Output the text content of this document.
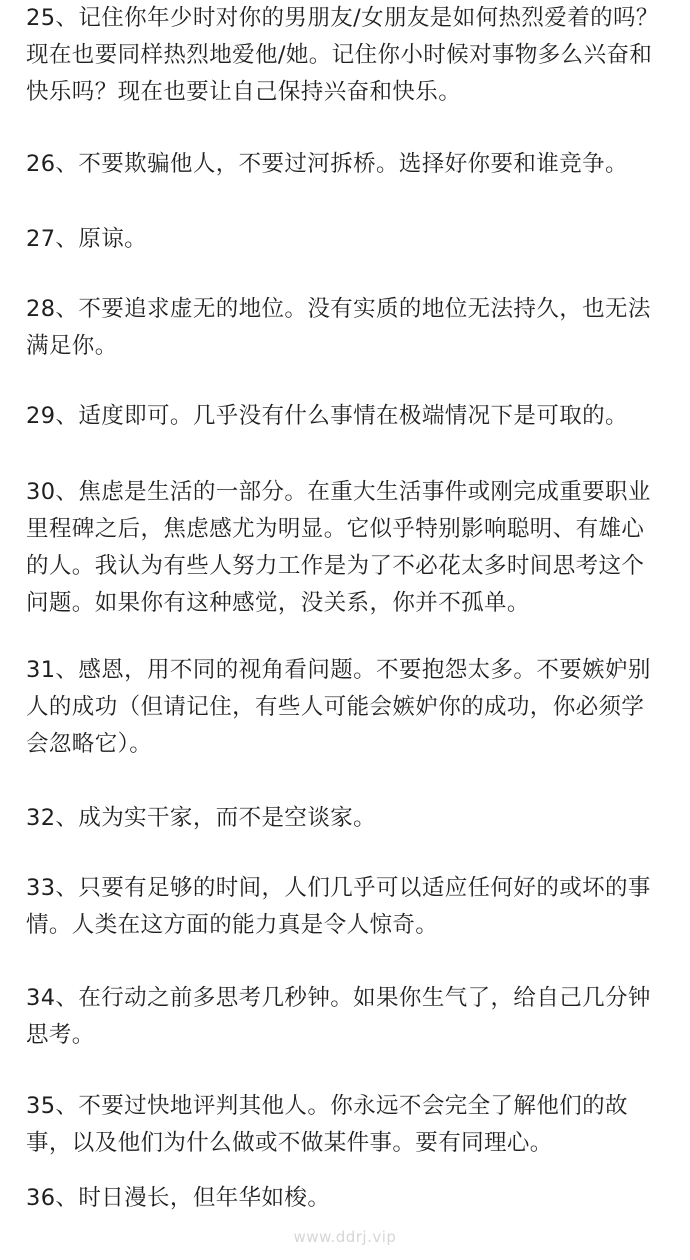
25、记住你年少时对你的男朋友/女朋友是如何热烈爱着的吗？现在也要同样热烈地爱他/她。记住你小时候对事物多么兴奋和快乐吗？现在也要让自己保持兴奋和快乐。

26、不要欺骗他人，不要过河拆桥。选择好你要和谁竞争。

27、原谅。

28、不要追求虚无的地位。没有实质的地位无法持久，也无法满足你。

29、适度即可。几乎没有什么事情在极端情况下是可取的。

30、焦虑是生活的一部分。在重大生活事件或刚完成重要职业里程碑之后，焦虑感尤为明显。它似乎特别影响聪明、有雄心的人。我认为有些人努力工作是为了不必花太多时间思考这个问题。如果你有这种感觉，没关系，你并不孤单。

31、感恩，用不同的视角看问题。不要抱怨太多。不要嫉妒别人的成功（但请记住，有些人可能会嫉妒你的成功，你必须学会忽略它）。

32、成为实干家，而不是空谈家。

33、只要有足够的时间，人们几乎可以适应任何好的或坏的事情。人类在这方面的能力真是令人惊奇。

34、在行动之前多思考几秒钟。如果你生气了，给自己几分钟思考。

35、不要过快地评判其他人。你永远不会完全了解他们的故事，以及他们为什么做或不做某件事。要有同理心。

36、时日漫长，但年华如梭。

www.ddrj.vip
